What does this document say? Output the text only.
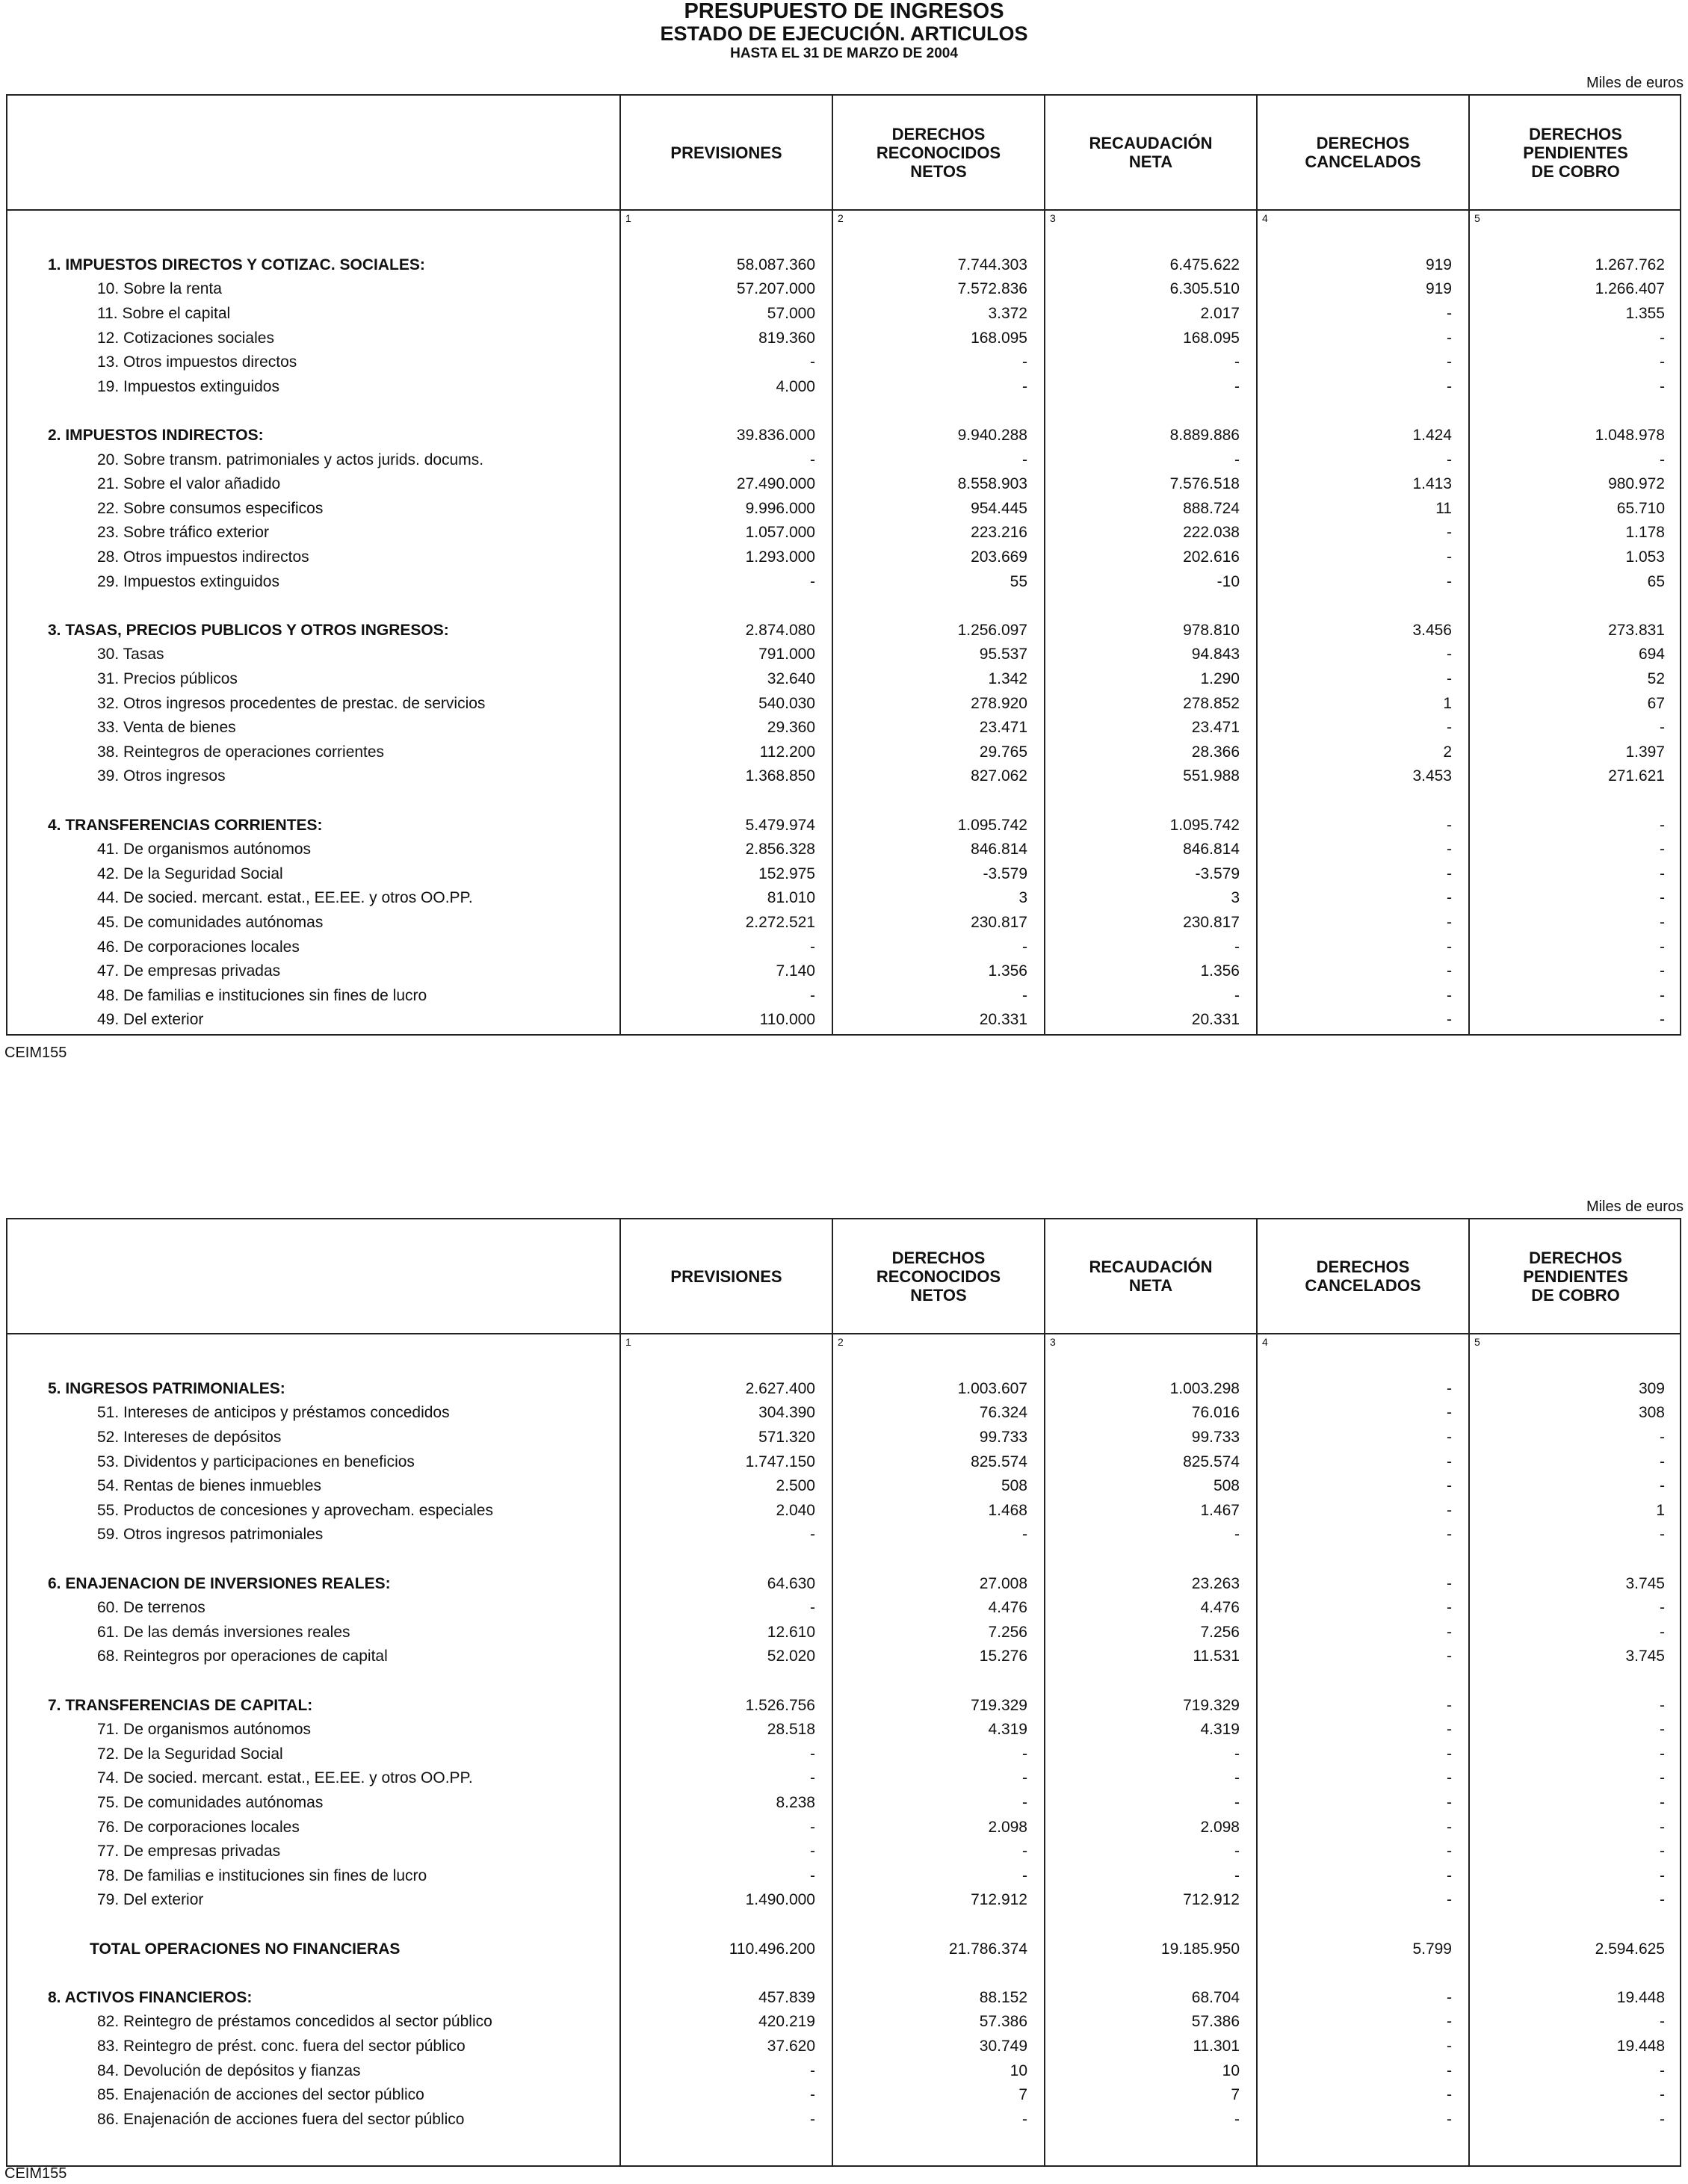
PRESUPUESTO DE INGRESOS
ESTADO DE EJECUCIÓN. ARTICULOS
HASTA EL 31 DE MARZO DE 2004
Miles de euros
	PREVISIONES	DERECHOS
RECONOCIDOS
NETOS	RECAUDACIÓN
NETA	DERECHOS
CANCELADOS	DERECHOS
PENDIENTES
DE COBRO
	1	2	3	4	5

1. IMPUESTOS DIRECTOS Y COTIZAC. SOCIALES:	58.087.360	7.744.303	6.475.622	919	1.267.762
10. Sobre la renta	57.207.000	7.572.836	6.305.510	919	1.266.407
11. Sobre el capital	57.000	3.372	2.017	-	1.355
12. Cotizaciones sociales	819.360	168.095	168.095	-	-
13. Otros impuestos directos	-	-	-	-	-
19. Impuestos extinguidos	4.000	-	-	-	-

2. IMPUESTOS INDIRECTOS:	39.836.000	9.940.288	8.889.886	1.424	1.048.978
20. Sobre transm. patrimoniales y actos jurids. docums.	-	-	-	-	-
21. Sobre el valor añadido	27.490.000	8.558.903	7.576.518	1.413	980.972
22. Sobre consumos especificos	9.996.000	954.445	888.724	11	65.710
23. Sobre tráfico exterior	1.057.000	223.216	222.038	-	1.178
28. Otros impuestos indirectos	1.293.000	203.669	202.616	-	1.053
29. Impuestos extinguidos	-	55	-10	-	65

3. TASAS, PRECIOS PUBLICOS Y OTROS INGRESOS:	2.874.080	1.256.097	978.810	3.456	273.831
30. Tasas	791.000	95.537	94.843	-	694
31. Precios públicos	32.640	1.342	1.290	-	52
32. Otros ingresos procedentes de prestac. de servicios	540.030	278.920	278.852	1	67
33. Venta de bienes	29.360	23.471	23.471	-	-
38. Reintegros de operaciones corrientes	112.200	29.765	28.366	2	1.397
39. Otros ingresos	1.368.850	827.062	551.988	3.453	271.621

4. TRANSFERENCIAS CORRIENTES:	5.479.974	1.095.742	1.095.742	-	-
41. De organismos autónomos	2.856.328	846.814	846.814	-	-
42. De la Seguridad Social	152.975	-3.579	-3.579	-	-
44. De socied. mercant. estat., EE.EE. y otros OO.PP.	81.010	3	3	-	-
45. De comunidades autónomas	2.272.521	230.817	230.817	-	-
46. De corporaciones locales	-	-	-	-	-
47. De empresas privadas	7.140	1.356	1.356	-	-
48. De familias e instituciones sin fines de lucro	-	-	-	-	-
49. Del exterior	110.000	20.331	20.331	-	-

CEIM155
Miles de euros
	PREVISIONES	DERECHOS
RECONOCIDOS
NETOS	RECAUDACIÓN
NETA	DERECHOS
CANCELADOS	DERECHOS
PENDIENTES
DE COBRO
	1	2	3	4	5

5. INGRESOS PATRIMONIALES:	2.627.400	1.003.607	1.003.298	-	309
51. Intereses de anticipos y préstamos concedidos	304.390	76.324	76.016	-	308
52. Intereses de depósitos	571.320	99.733	99.733	-	-
53. Dividentos y participaciones en beneficios	1.747.150	825.574	825.574	-	-
54. Rentas de bienes inmuebles	2.500	508	508	-	-
55. Productos de concesiones y aprovecham. especiales	2.040	1.468	1.467	-	1
59. Otros ingresos patrimoniales	-	-	-	-	-

6. ENAJENACION DE INVERSIONES REALES:	64.630	27.008	23.263	-	3.745
60. De terrenos	-	4.476	4.476	-	-
61. De las demás inversiones reales	12.610	7.256	7.256	-	-
68. Reintegros por operaciones de capital	52.020	15.276	11.531	-	3.745

7. TRANSFERENCIAS DE CAPITAL:	1.526.756	719.329	719.329	-	-
71. De organismos autónomos	28.518	4.319	4.319	-	-
72. De la Seguridad Social	-	-	-	-	-
74. De socied. mercant. estat., EE.EE. y otros OO.PP.	-	-	-	-	-
75. De comunidades autónomas	8.238	-	-	-	-
76. De corporaciones locales	-	2.098	2.098	-	-
77. De empresas privadas	-	-	-	-	-
78. De familias e instituciones sin fines de lucro	-	-	-	-	-
79. Del exterior	1.490.000	712.912	712.912	-	-

TOTAL OPERACIONES NO FINANCIERAS	110.496.200	21.786.374	19.185.950	5.799	2.594.625

8. ACTIVOS FINANCIEROS:	457.839	88.152	68.704	-	19.448
82. Reintegro de préstamos concedidos al sector público	420.219	57.386	57.386	-	-
83. Reintegro de prést. conc. fuera del sector público	37.620	30.749	11.301	-	19.448
84. Devolución de depósitos y fianzas	-	10	10	-	-
85. Enajenación de acciones del sector público	-	7	7	-	-
86. Enajenación de acciones fuera del sector público	-	-	-	-	-

CEIM155
